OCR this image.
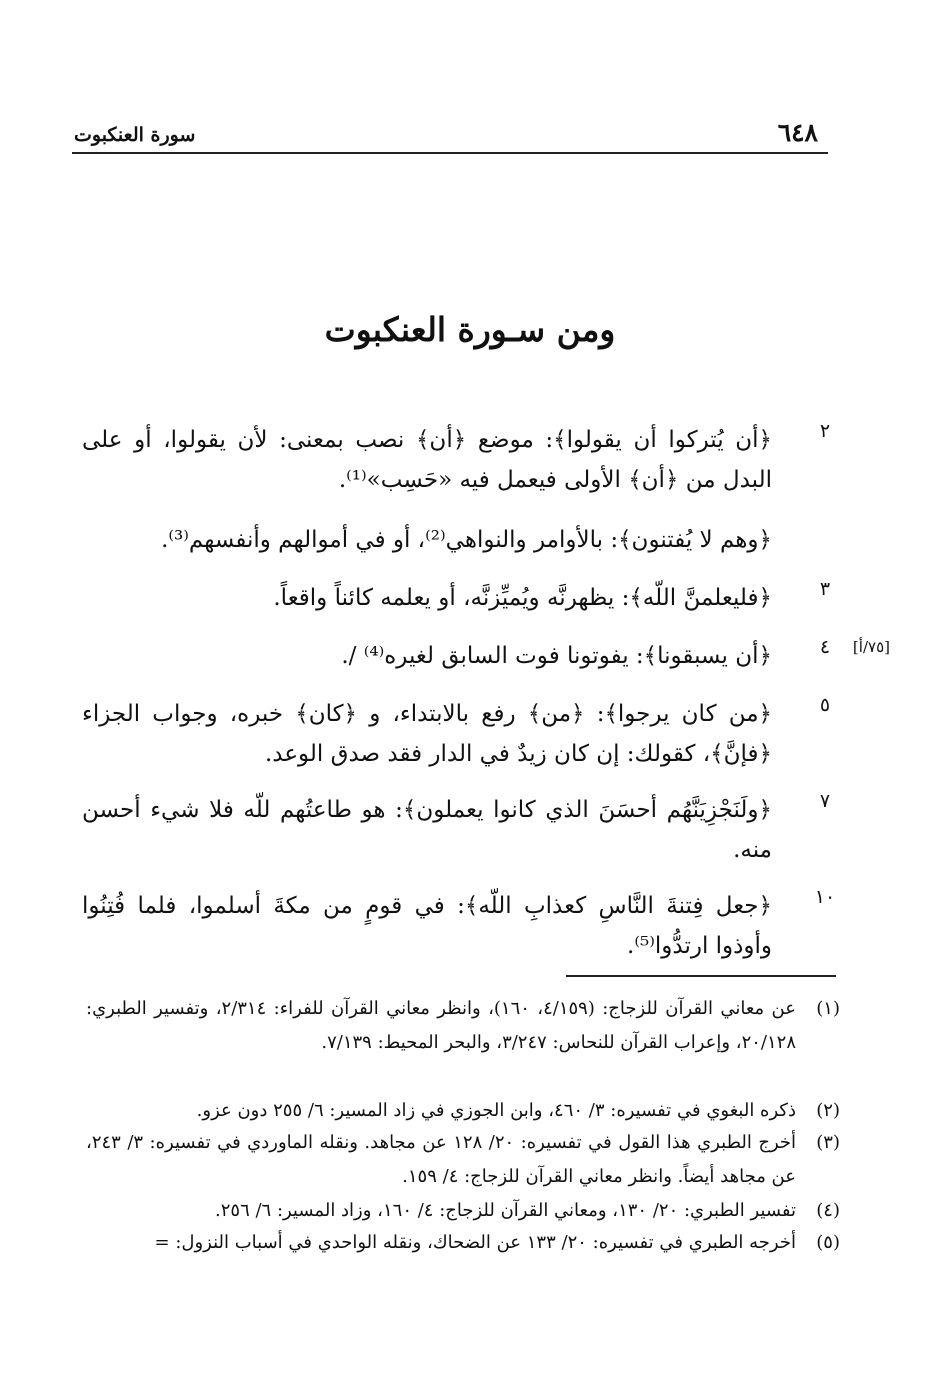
٦٤٨
سورة العنكبوت
ومن سـورة العنكبوت
٢
﴿أن يُتركوا أن يقولوا﴾: موضع ﴿أن﴾ نصب بمعنى: لأن يقولوا، أو على البدل من ﴿أن﴾ الأولى فيعمل فيه «حَسِب»⁽¹⁾.
﴿وهم لا يُفتنون﴾: بالأوامر والنواهي⁽²⁾، أو في أموالهم وأنفسهم⁽³⁾.
٣
﴿فليعلمنَّ اللّه﴾: يظهرنَّه ويُميِّزنَّه، أو يعلمه كائناً واقعاً.
٤	[٧٥/أ]
﴿أن يسبقونا﴾: يفوتونا فوت السابق لغيره⁽⁴⁾ /.
٥
﴿من كان يرجوا﴾: ﴿من﴾ رفع بالابتداء، و ﴿كان﴾ خبره، وجواب الجزاء ﴿فإنَّ﴾، كقولك: إن كان زيدٌ في الدار فقد صدق الوعد.
٧
﴿ولَنَجْزِيَنَّهُم أحسَنَ الذي كانوا يعملون﴾: هو طاعتُهم للّه فلا شيء أحسن منه.
١٠
﴿جعل فِتنةَ النَّاسِ كعذابِ اللّه﴾: في قومٍ من مكةَ أسلموا، فلما فُتِنُوا وأوذوا ارتدُّوا⁽⁵⁾.
(١)
عن معاني القرآن للزجاج: (٤/١٥٩، ١٦٠)، وانظر معاني القرآن للفراء: ٢/٣١٤، وتفسير الطبري: ٢٠/١٢٨، وإعراب القرآن للنحاس: ٣/٢٤٧، والبحر المحيط: ٧/١٣٩.
(٢)
ذكره البغوي في تفسيره: ٣/ ٤٦٠، وابن الجوزي في زاد المسير: ٦/ ٢٥٥ دون عزو.
(٣)
أخرج الطبري هذا القول في تفسيره: ٢٠/ ١٢٨ عن مجاهد. ونقله الماوردي في تفسيره: ٣/ ٢٤٣، عن مجاهد أيضاً. وانظر معاني القرآن للزجاج: ٤/ ١٥٩.
(٤)
تفسير الطبري: ٢٠/ ١٣٠، ومعاني القرآن للزجاج: ٤/ ١٦٠، وزاد المسير: ٦/ ٢٥٦.
(٥)
أخرجه الطبري في تفسيره: ٢٠/ ١٣٣ عن الضحاك، ونقله الواحدي في أسباب النزول: =
